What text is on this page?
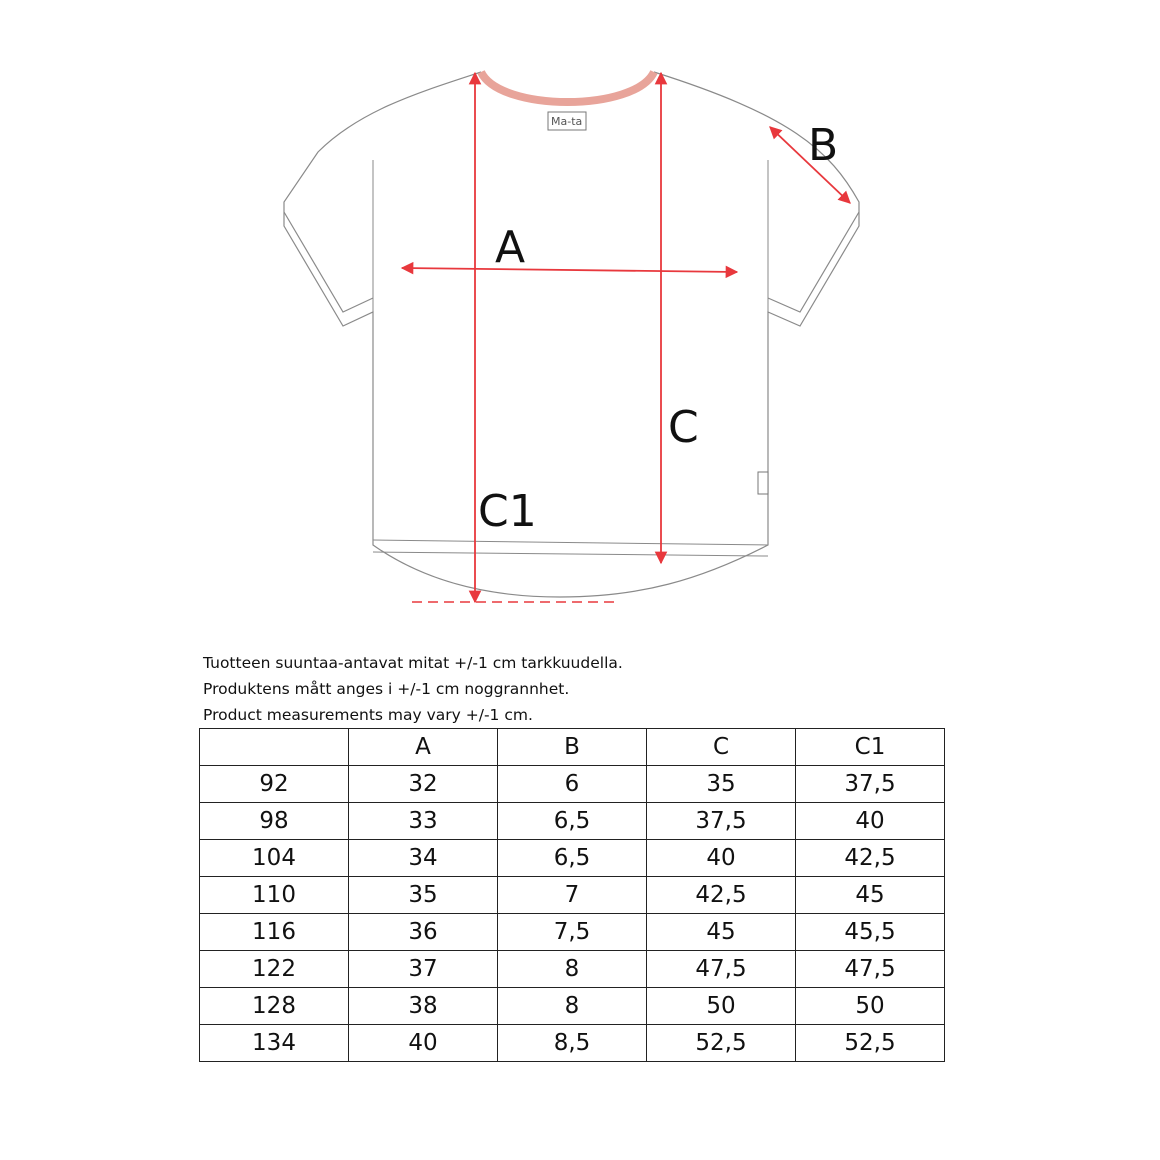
Ma-ta
A
B
C
C1
Tuotteen suuntaa-antavat mitat +/-1 cm tarkkuudella.
Produktens mått anges i +/-1 cm noggrannhet.
Product measurements may vary +/-1 cm.
	A	B	C	C1
92	32	6	35	37,5
98	33	6,5	37,5	40
104	34	6,5	40	42,5
110	35	7	42,5	45
116	36	7,5	45	45,5
122	37	8	47,5	47,5
128	38	8	50	50
134	40	8,5	52,5	52,5
